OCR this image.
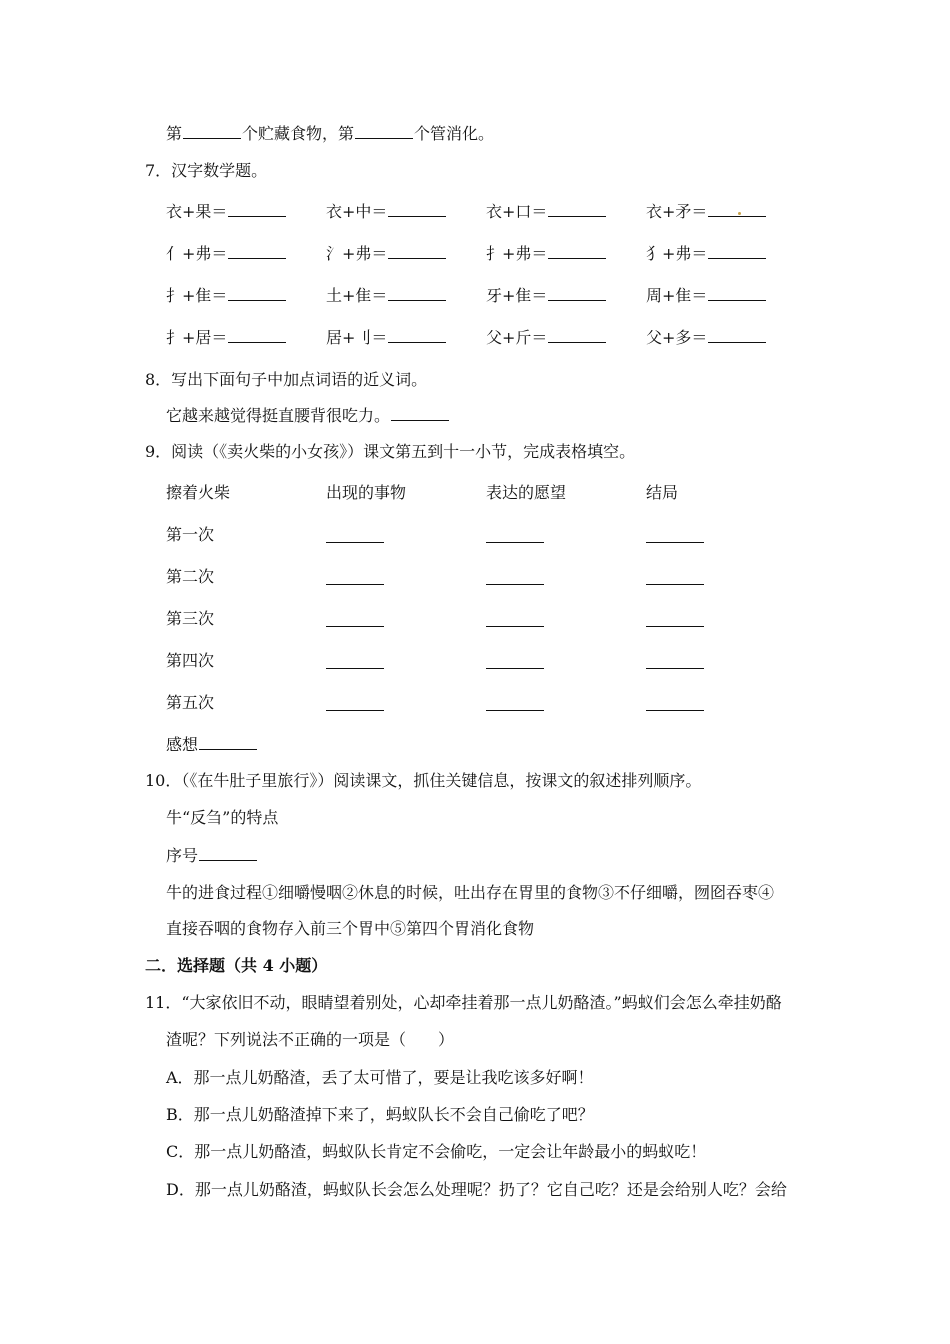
第	个贮藏食物，第	个管消化。
7．汉字数学题。
衣+果＝	衣+中＝	衣+口＝	衣+矛＝
亻+弗＝	氵+弗＝	扌+弗＝	犭+弗＝
扌+隹＝	土+隹＝	牙+隹＝	周+隹＝
扌+居＝	居+刂＝	父+斤＝	父+多＝
8．写出下面句子中加点词语的近义词。
它越来越觉得挺直腰背很吃力。
9．阅读（《卖火柴的小女孩》）课文第五到十一小节，完成表格填空。
擦着火柴	出现的事物	表达的愿望	结局
第一次
第二次
第三次
第四次
第五次
感想
10．（《在牛肚子里旅行》）阅读课文，抓住关键信息，按课文的叙述排列顺序。
牛“反刍”的特点
序号
牛的进食过程①细嚼慢咽②休息的时候，吐出存在胃里的食物③不仔细嚼，囫囵吞枣④
直接吞咽的食物存入前三个胃中⑤第四个胃消化食物
二．选择题（共 4 小题）
11．“大家依旧不动，眼睛望着别处，心却牵挂着那一点儿奶酪渣。”蚂蚁们会怎么牵挂奶酪
渣呢？下列说法不正确的一项是（　　）
A．那一点儿奶酪渣，丢了太可惜了，要是让我吃该多好啊！
B．那一点儿奶酪渣掉下来了，蚂蚁队长不会自己偷吃了吧？
C．那一点儿奶酪渣，蚂蚁队长肯定不会偷吃，一定会让年龄最小的蚂蚁吃！
D．那一点儿奶酪渣，蚂蚁队长会怎么处理呢？扔了？它自己吃？还是会给别人吃？会给
